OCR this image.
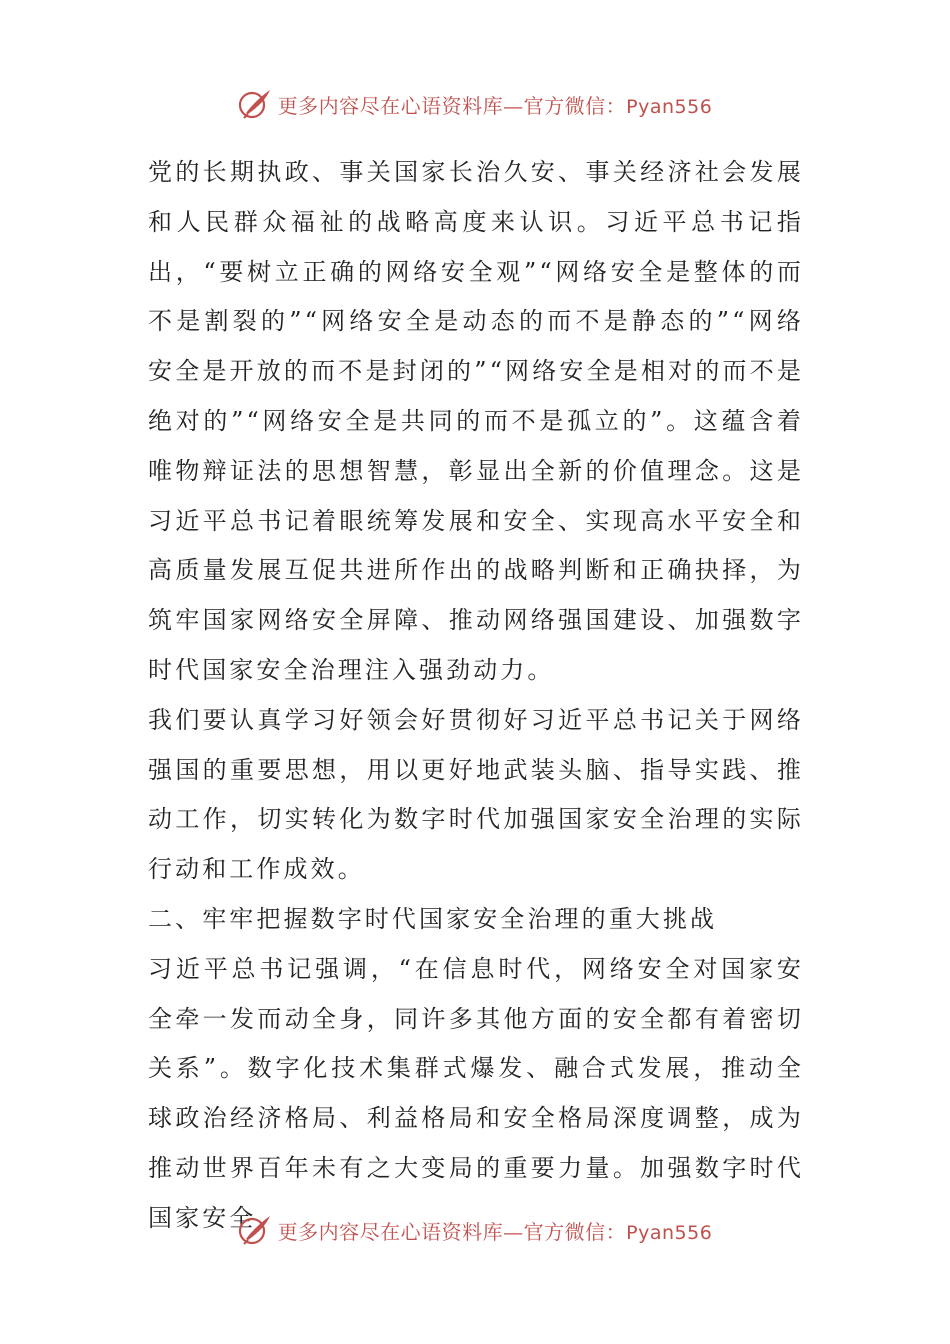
更多内容尽在心语资料库—官方微信：Pyan556

党的长期执政、事关国家长治久安、事关经济社会发展和人民群众福祉的战略高度来认识。习近平总书记指出，“要树立正确的网络安全观”“网络安全是整体的而不是割裂的”“网络安全是动态的而不是静态的”“网络安全是开放的而不是封闭的”“网络安全是相对的而不是绝对的”“网络安全是共同的而不是孤立的”。这蕴含着唯物辩证法的思想智慧，彰显出全新的价值理念。这是习近平总书记着眼统筹发展和安全、实现高水平安全和高质量发展互促共进所作出的战略判断和正确抉择，为筑牢国家网络安全屏障、推动网络强国建设、加强数字时代国家安全治理注入强劲动力。

我们要认真学习好领会好贯彻好习近平总书记关于网络强国的重要思想，用以更好地武装头脑、指导实践、推动工作，切实转化为数字时代加强国家安全治理的实际行动和工作成效。

二、牢牢把握数字时代国家安全治理的重大挑战

习近平总书记强调，“在信息时代，网络安全对国家安全牵一发而动全身，同许多其他方面的安全都有着密切关系”。数字化技术集群式爆发、融合式发展，推动全球政治经济格局、利益格局和安全格局深度调整，成为推动世界百年未有之大变局的重要力量。加强数字时代国家安全	更多内容尽在心语资料库—官方微信：Pyan556
